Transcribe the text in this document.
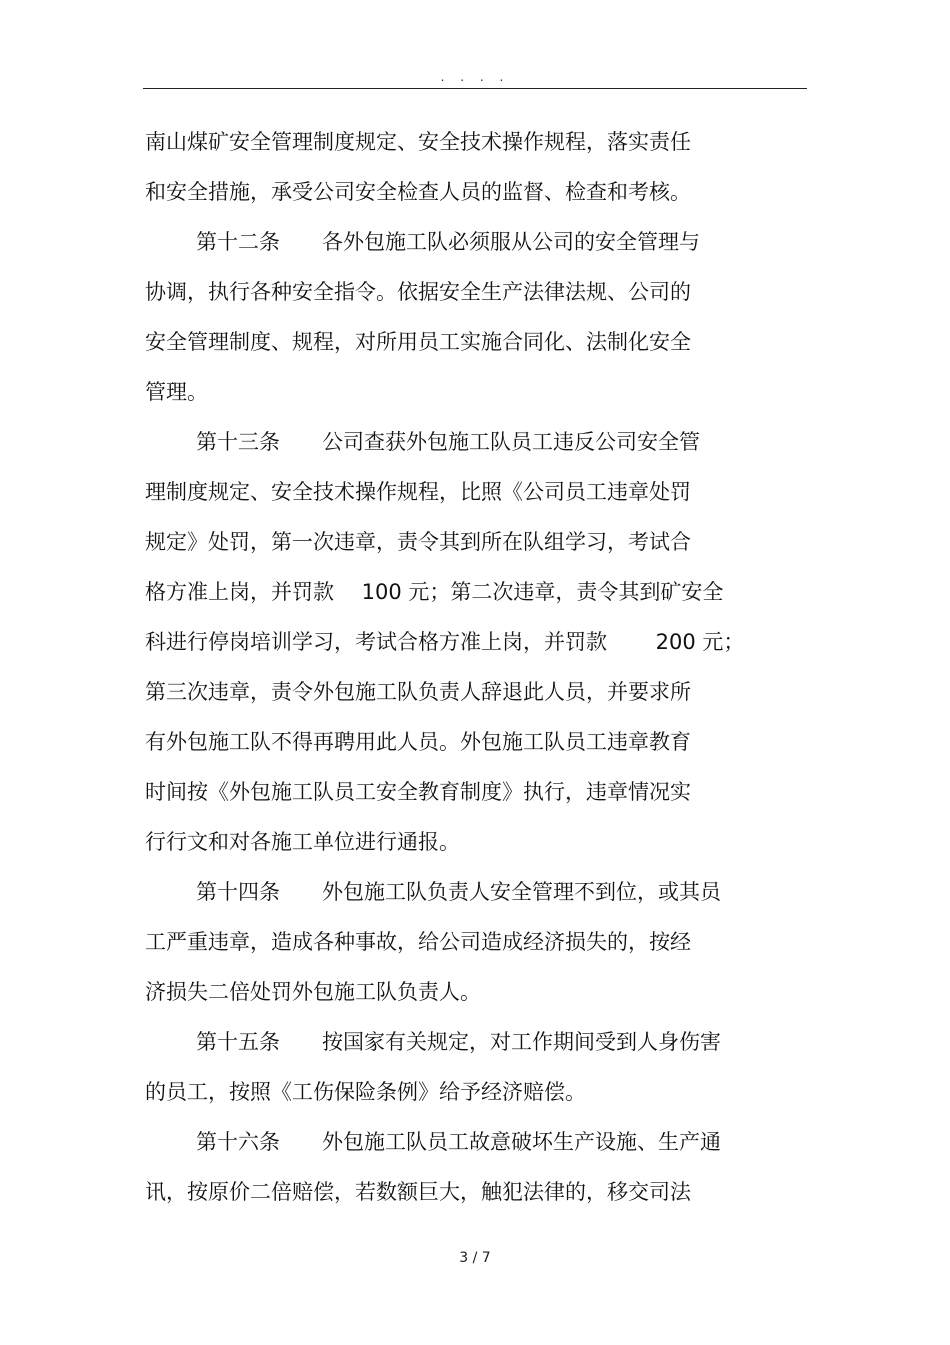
. . . .
南山煤矿安全管理制度规定、安全技术操作规程，落实责任
和安全措施，承受公司安全检查人员的监督、检查和考核。
第十二条　　各外包施工队必须服从公司的安全管理与
协调，执行各种安全指令。依据安全生产法律法规、公司的
安全管理制度、规程，对所用员工实施合同化、法制化安全
管理。
第十三条　　公司查获外包施工队员工违反公司安全管
理制度规定、安全技术操作规程，比照《公司员工违章处罚
规定》处罚，第一次违章，责令其到所在队组学习，考试合
格方准上岗，并罚款　 100 元；第二次违章，责令其到矿安全
科进行停岗培训学习，考试合格方准上岗，并罚款　　 200 元；
第三次违章，责令外包施工队负责人辞退此人员，并要求所
有外包施工队不得再聘用此人员。外包施工队员工违章教育
时间按《外包施工队员工安全教育制度》执行，违章情况实
行行文和对各施工单位进行通报。
第十四条　　外包施工队负责人安全管理不到位，或其员
工严重违章，造成各种事故，给公司造成经济损失的，按经
济损失二倍处罚外包施工队负责人。
第十五条　　按国家有关规定，对工作期间受到人身伤害
的员工，按照《工伤保险条例》给予经济赔偿。
第十六条　　外包施工队员工故意破坏生产设施、生产通
讯，按原价二倍赔偿，若数额巨大，触犯法律的，移交司法
3 / 7
